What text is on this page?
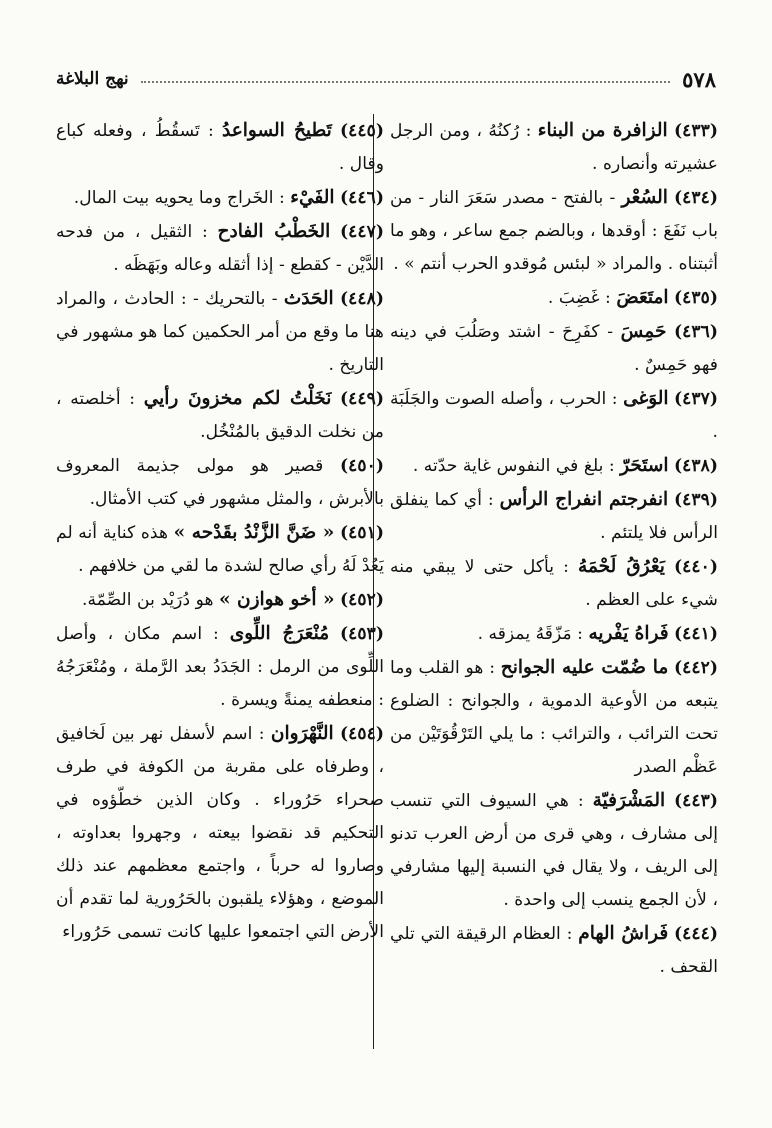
٥٧٨
نهج البلاغة

(٤٣٣) الزافرة من البناء : رُكنُهُ ، ومن الرجل عشيرته وأنصاره .

(٤٣٤) السُعْر - بالفتح - مصدر سَعَرَ النار - من باب نَفَعَ : أوقدها ، وبالضم جمع ساعر ، وهو ما أثبتناه . والمراد « لبئس مُوقدو الحرب أنتم » .

(٤٣٥) امتَعَضَ : غَضِبَ .

(٤٣٦) حَمِسَ - كفَرِحَ - اشتد وصَلُبَ في دينه فهو حَمِسٌ .

(٤٣٧) الوَغى : الحرب ، وأصله الصوت والجَلَبَة .

(٤٣٨) استَحَرّ : بلغ في النفوس غاية حدّته .

(٤٣٩) انفرجتم انفراج الرأس : أي كما ينفلق الرأس فلا يلتئم .

(٤٤٠) يَعْرُقُ لَحْمَهُ : يأكل حتى لا يبقي منه شيء على العظم .

(٤٤١) فَراهُ يَفْريه : مَزّقَهُ يمزقه .

(٤٤٢) ما ضُمّت عليه الجوانح : هو القلب وما يتبعه من الأوعية الدموية ، والجوانح : الضلوع تحت الترائب ، والترائب : ما يلي التَرْقُوَتَيْن من عَظْم الصدر

(٤٤٣) المَشْرَفيّة : هي السيوف التي تنسب إلى مشارف ، وهي قرى من أرض العرب تدنو إلى الريف ، ولا يقال في النسبة إليها مشارفي ، لأن الجمع ينسب إلى واحدة .

(٤٤٤) فَراشُ الهام : العظام الرقيقة التي تلي القحف .

(٤٤٥) تَطيحُ السواعدُ : تَسقُطُ ، وفعله كباع وقال .

(٤٤٦) الفَيْء : الخَراج وما يحويه بيت المال.

(٤٤٧) الخَطْبُ الفادح : الثقيل ، من فدحه الدَّيْن - كقطع - إذا أثقله وعاله وبَهَظَه .

(٤٤٨) الحَدَث - بالتحريك - : الحادث ، والمراد هنا ما وقع من أمر الحكمين كما هو مشهور في التاريخ .

(٤٤٩) نَخَلْتُ لكم مخزونَ رأيي : أخلصته ، من نخلت الدقيق بالمُنْخُل.

(٤٥٠) قصير هو مولى جذيمة المعروف بالأبرش ، والمثل مشهور في كتب الأمثال.

(٤٥١) « ضَنَّ الزَّنْدُ بقَدْحه » هذه كناية أنه لم يَعُدْ لَهُ رأي صالح لشدة ما لقي من خلافهم .

(٤٥٢) « أخو هوازن » هو دُرَيْد بن الصِّمّة.

(٤٥٣) مُنْعَرَجُ اللِّوى : اسم مكان ، وأصل اللِّوى من الرمل : الجَدَدُ بعد الرَّملة ، ومُنْعَرَجُهُ : منعطفه يمنةً ويسرة .

(٤٥٤) النَّهْرَوان : اسم لأسفل نهر بين لَخافيق ، وطرفاه على مقربة من الكوفة في طرف صحراء حَرُوراء . وكان الذين خطّؤوه في التحكيم قد نقضوا بيعته ، وجهروا بعداوته ، وصاروا له حرباً ، واجتمع معظمهم عند ذلك الموضع ، وهؤلاء يلقبون بالحَرُورية لما تقدم أن الأرض التي اجتمعوا عليها كانت تسمى حَرُوراء
